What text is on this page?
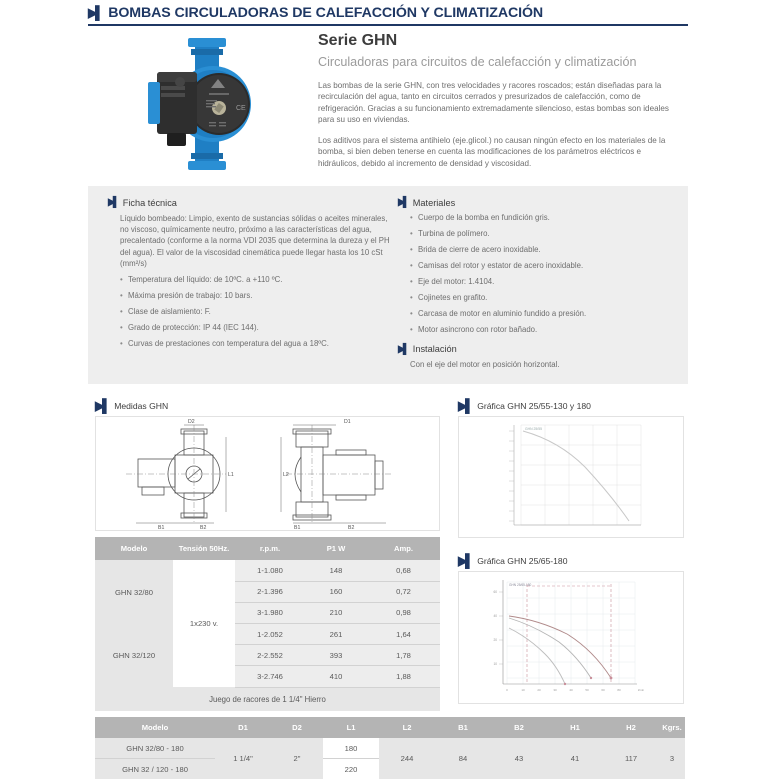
▶▌ BOMBAS CIRCULADORAS DE CALEFACCIÓN Y CLIMATIZACIÓN
CE
Serie GHN
Circuladoras para circuitos de calefacción y climatización

Las bombas de la serie GHN, con tres velocidades y racores roscados; están diseñadas para la recirculación del agua, tanto en circuitos cerrados y presurizados de calefacción, como de refrigeración. Gracias a su funcionamiento extremadamente silencioso, estas bombas son ideales para su uso en viviendas.

Los aditivos para el sistema antihielo (eje.glicol.) no causan ningún efecto en los materiales de la bomba, si bien deben tenerse en cuenta las modificaciones de los parámetros eléctricos e hidráulicos, debido al incremento de densidad y viscosidad.

▶▌ Ficha técnica
Líquido bombeado: Limpio, exento de sustancias sólidas o aceites minerales, no viscoso, químicamente neutro, próximo a las características del agua, precalentado (conforme a la norma VDI 2035 que determina la dureza y el PH del agua). El valor de la viscosidad cinemática puede llegar hasta los 10 cSt (mm²/s)
• Temperatura del líquido: de 10ºC. a +110 ºC.
• Máxima presión de trabajo: 10 bars.
• Clase de aislamiento: F.
• Grado de protección: IP 44 (IEC 144).
• Curvas de prestaciones con temperatura del agua a 18ºC.
▶▌ Materiales
• Cuerpo de la bomba en fundición gris.
• Turbina de polímero.
• Brida de cierre de acero inoxidable.
• Camisas del rotor y estator de acero inoxidable.
• Eje del motor: 1.4104.
• Cojinetes en grafito.
• Carcasa de motor en aluminio fundido a presión.
• Motor asincrono con rotor bañado.
▶▌ Instalación
Con el eje del motor en posición horizontal.
▶▌ Medidas GHN	▶▌ Gráfica GHN 25/55-130 y 180
▶▌ Gráfica GHN 25/65-180
D2	D1
L1	L2
B1	B2	B1	B2
GHN 25/55
60
40
20
10
0	10	20	30	40	50	60	80	l/min
GHN 25/65-180
Modelo	Tensión 50Hz.	r.p.m.	P1 W	Amp.
GHN 32/80	1x230 v.	1-1.080	148	0,68
		2-1.396	160	0,72
		3-1.980	210	0,98
GHN 32/120		1-2.052	261	1,64
		2-2.552	393	1,78
		3-2.746	410	1,88
Juego de racores de 1 1/4" Hierro				
Modelo	D1	D2	L1	L2	B1	B2	H1	H2	Kgrs.
GHN 32/80 - 180	1 1/4"	2"	180	244	84	43	41	117	3
GHN 32 / 120 - 180			220						
